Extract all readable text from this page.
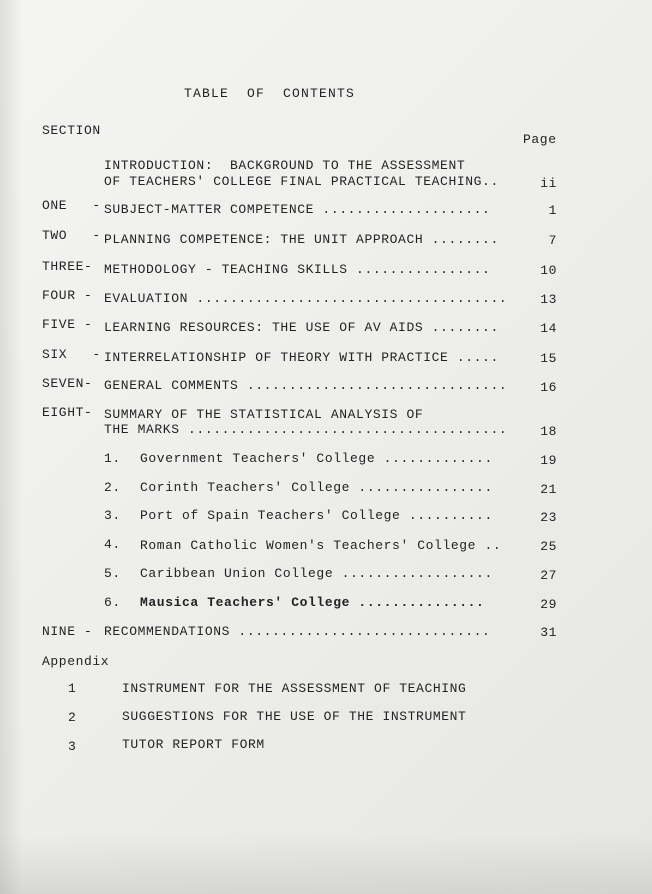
TABLE  OF  CONTENTS
SECTION
Page
INTRODUCTION:  BACKGROUND TO THE ASSESSMENT
OF TEACHERS' COLLEGE FINAL PRACTICAL TEACHING..	ii
ONE   - SUBJECT-MATTER COMPETENCE ....................	1
TWO   - PLANNING COMPETENCE: THE UNIT APPROACH ........	7
THREE- METHODOLOGY - TEACHING SKILLS ................	10
FOUR - EVALUATION .....................................	13
FIVE - LEARNING RESOURCES: THE USE OF AV AIDS ........	14
SIX   - INTERRELATIONSHIP OF THEORY WITH PRACTICE .....	15
SEVEN- GENERAL COMMENTS ...............................	16
EIGHT- SUMMARY OF THE STATISTICAL ANALYSIS OF
THE MARKS ......................................	18
1. Government Teachers' College .............	19
2. Corinth Teachers' College ................	21
3. Port of Spain Teachers' College ..........	23
4. Roman Catholic Women's Teachers' College ..	25
5. Caribbean Union College ..................	27
6. Mausica Teachers' College ...............	29
NINE - RECOMMENDATIONS ..............................	31
Appendix
1	INSTRUMENT FOR THE ASSESSMENT OF TEACHING
2	SUGGESTIONS FOR THE USE OF THE INSTRUMENT
3	TUTOR REPORT FORM
